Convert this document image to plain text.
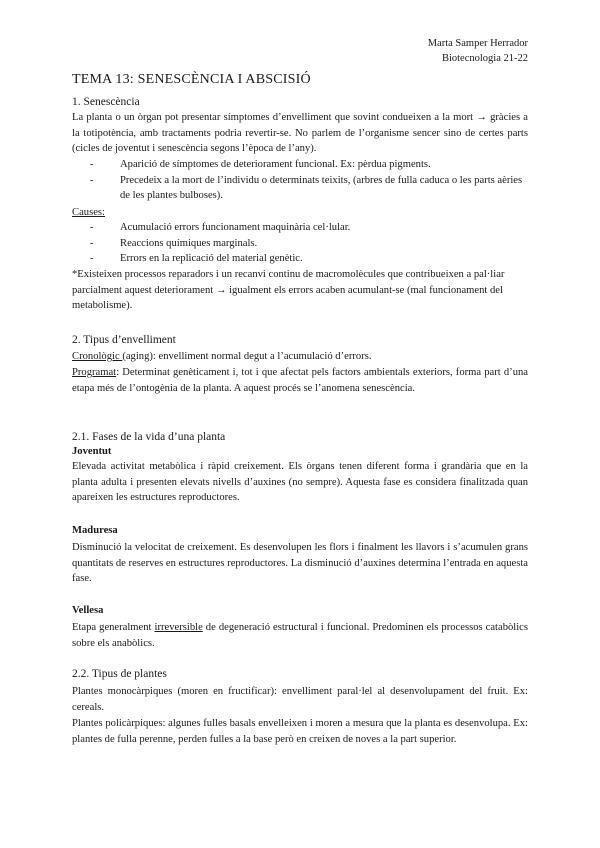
Marta Samper Herrador
Biotecnologia 21-22
TEMA 13: SENESCÈNCIA I ABSCISIÓ
1. Senescència
La planta o un òrgan pot presentar símptomes d’envelliment que sovint condueixen a la mort → gràcies a la totipotència, amb tractaments podria revertir-se. No parlem de l’organisme sencer sino de certes parts (cicles de joventut i senescència segons l’època de l’any).
- Aparició de símptomes de deteriorament funcional. Ex: pèrdua pigments.
- Precedeix a la mort de l’individu o determinats teixits, (arbres de fulla caduca o les parts aèries de les plantes bulboses).
Causes:
- Acumulació errors funcionament maquinària cel·lular.
- Reaccions químiques marginals.
- Errors en la replicació del material genètic.
*Existeixen processos reparadors i un recanvi continu de macromolècules que contribueixen a pal·liar parcialment aquest deteriorament → igualment els errors acaben acumulant-se (mal funcionament del metabolisme).
2. Tipus d’envelliment
Cronològic (aging): envelliment normal degut a l’acumulació d’errors.
Programat: Determinat genèticament i, tot i que afectat pels factors ambientals exteriors, forma part d’una etapa més de l’ontogènia de la planta. A aquest procés se l’anomena senescència.
2.1. Fases de la vida d’una planta
Joventut
Elevada activitat metabòlica i ràpid creixement. Els òrgans tenen diferent forma i grandària que en la planta adulta i presenten elevats nivells d’auxines (no sempre). Aquesta fase es considera finalitzada quan apareixen les estructures reproductores.
Maduresa
Disminució la velocitat de creixement. Es desenvolupen les flors i finalment les llavors i s’acumulen grans quantitats de reserves en estructures reproductores. La disminució d’auxines determina l’entrada en aquesta fase.
Vellesa
Etapa generalment irreversible de degeneració estructural i funcional. Predominen els processos catabòlics sobre els anabòlics.
2.2. Tipus de plantes
Plantes monocàrpiques (moren en fructificar): envelliment paral·lel al desenvolupament del fruit. Ex: cereals.
Plantes policàrpiques: algunes fulles basals envelleixen i moren a mesura que la planta es desenvolupa. Ex: plantes de fulla perenne, perden fulles a la base però en creixen de noves a la part superior.
